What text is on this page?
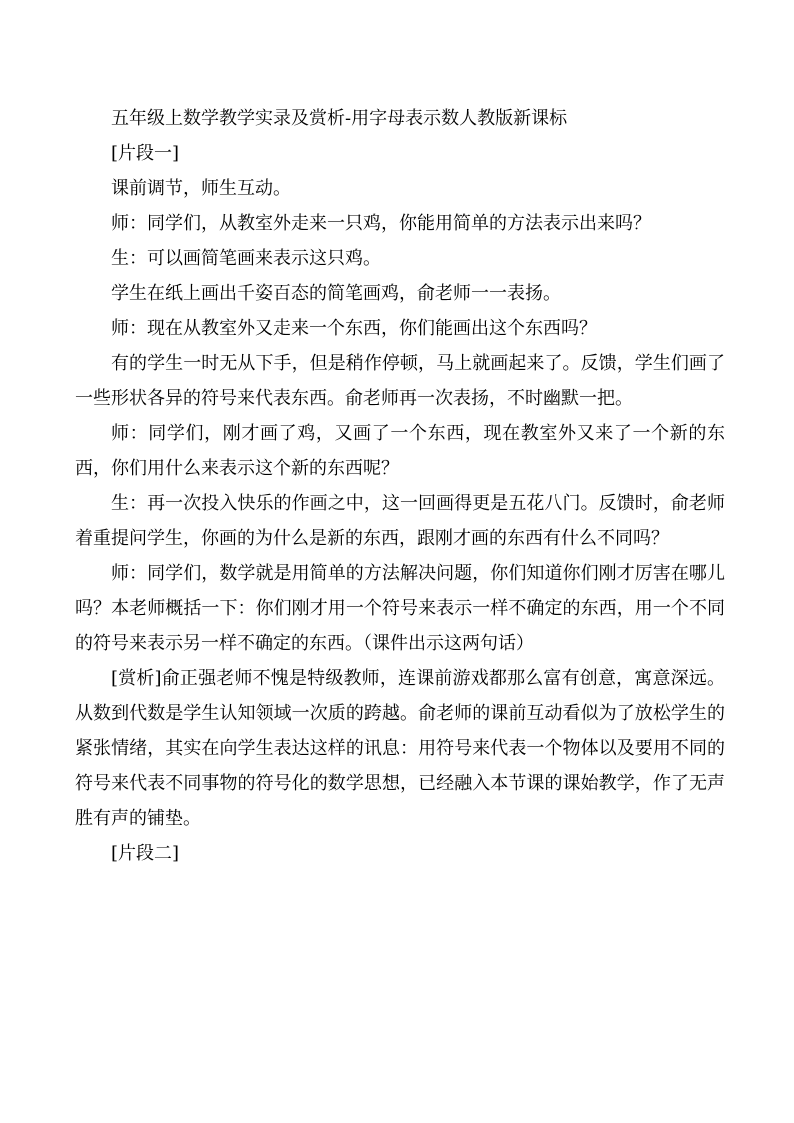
五年级上数学教学实录及赏析-用字母表示数人教版新课标

[片段一]

课前调节，师生互动。

师：同学们，从教室外走来一只鸡，你能用简单的方法表示出来吗？

生：可以画简笔画来表示这只鸡。

学生在纸上画出千姿百态的简笔画鸡，俞老师一一表扬。

师：现在从教室外又走来一个东西，你们能画出这个东西吗？

有的学生一时无从下手，但是稍作停顿，马上就画起来了。反馈，学生们画了一些形状各异的符号来代表东西。俞老师再一次表扬，不时幽默一把。

师：同学们，刚才画了鸡，又画了一个东西，现在教室外又来了一个新的东西，你们用什么来表示这个新的东西呢？

生：再一次投入快乐的作画之中，这一回画得更是五花八门。反馈时，俞老师着重提问学生，你画的为什么是新的东西，跟刚才画的东西有什么不同吗？

师：同学们，数学就是用简单的方法解决问题，你们知道你们刚才厉害在哪儿吗？本老师概括一下：你们刚才用一个符号来表示一样不确定的东西，用一个不同的符号来表示另一样不确定的东西。（课件出示这两句话）

[赏析]俞正强老师不愧是特级教师，连课前游戏都那么富有创意，寓意深远。从数到代数是学生认知领域一次质的跨越。俞老师的课前互动看似为了放松学生的紧张情绪，其实在向学生表达这样的讯息：用符号来代表一个物体以及要用不同的符号来代表不同事物的符号化的数学思想，已经融入本节课的课始教学，作了无声胜有声的铺垫。

[片段二]
